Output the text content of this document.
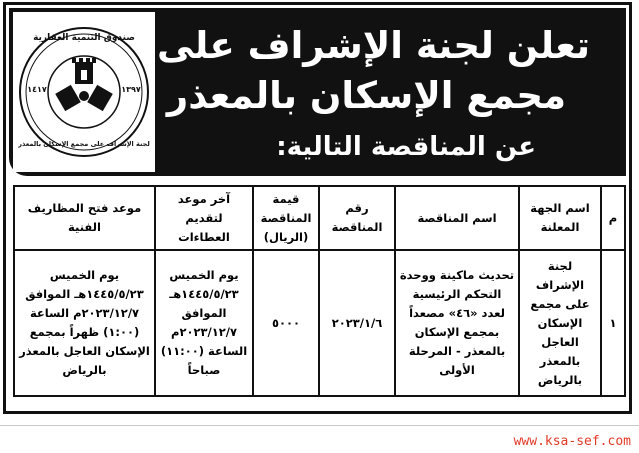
تعلن لجنة الإشراف على
مجمع الإسكان بالمعذر
عن المناقصة التالية:
١٣٩٧
١٤١٧
صندوق التنمية العقارية
لجنة الإشراف على مجمع الإسكان بالمعذر
م	اسم الجهة المعلنة	اسم المناقصة	رقم المناقصة	قيمة المناقصة (الريال)	آخر موعد لتقديم العطاءات	موعد فتح المظاريف الفنية
١	لجنة الإشراف على مجمع الإسكان العاجل بالمعذر بالرياض	تحديث ماكينة ووحدة التحكم الرئيسية لعدد «٤٦» مصعداً بمجمع الإسكان بالمعذر - المرحلة الأولى	٢٠٢٣/١/٦	٥٠٠٠	يوم الخميس ١٤٤٥/٥/٢٣هـ الموافق ٢٠٢٣/١٢/٧م الساعة (١١:٠٠) صباحاً	يوم الخميس ١٤٤٥/٥/٢٣هـ الموافق ٢٠٢٣/١٢/٧م الساعة (١:٠٠) ظهراً بمجمع الإسكان العاجل بالمعذر بالرياض
www.ksa-sef.com
